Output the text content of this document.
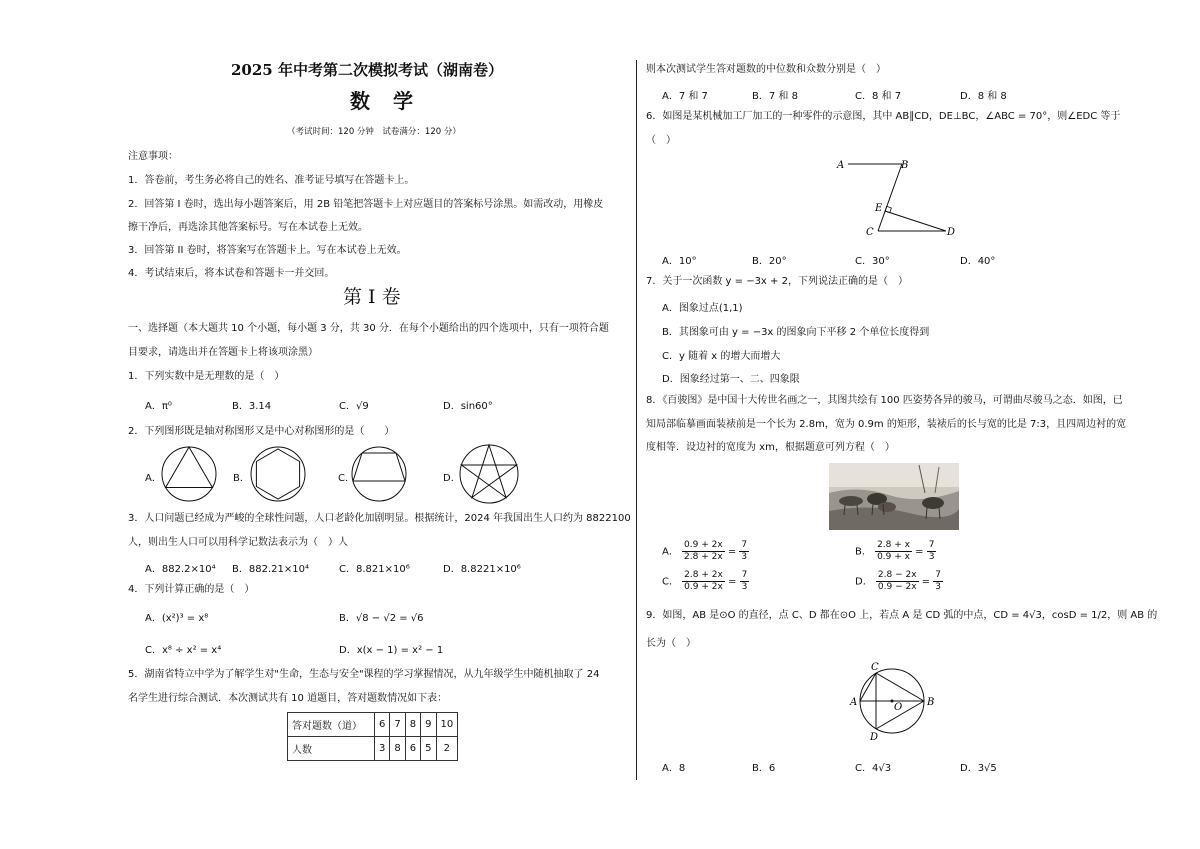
2025 年中考第二次模拟考试（湖南卷）
数 学
（考试时间：120 分钟　试卷满分：120 分）
注意事项：
1．答卷前，考生务必将自己的姓名、准考证号填写在答题卡上。
2．回答第 I 卷时，选出每小题答案后，用 2B 铅笔把答题卡上对应题目的答案标号涂黑。如需改动，用橡皮
擦干净后，再选涂其他答案标号。写在本试卷上无效。
3．回答第 II 卷时，将答案写在答题卡上。写在本试卷上无效。
4．考试结束后，将本试卷和答题卡一并交回。
第 I 卷
一、选择题（本大题共 10 个小题，每小题 3 分，共 30 分．在每个小题给出的四个选项中，只有一项符合题
目要求，请选出并在答题卡上将该项涂黑）
1．下列实数中是无理数的是（　）
A．π⁰	B．3.14	C．√9	D．sin60°
2．下列图形既是轴对称图形又是中心对称图形的是（　　）
A．	B．	C．	D．
3．人口问题已经成为严峻的全球性问题，人口老龄化加剧明显。根据统计，2024 年我国出生人口约为 8822100
人，则出生人口可以用科学记数法表示为（　）人
A．882.2×10⁴ B．882.21×10⁴	C．8.821×10⁶	D．8.8221×10⁶
4．下列计算正确的是（　）
A．(x²)³ = x⁸	B．√8 − √2 = √6
C．x⁸ ÷ x² = x⁴	D．x(x − 1) = x² − 1
5．湖南省特立中学为了解学生对"生命，生态与安全"课程的学习掌握情况，从九年级学生中随机抽取了 24
名学生进行综合测试．本次测试共有 10 道题目，答对题数情况如下表：
答对题数（道）	6	7	8	9	10
人数	3	8	6	5	2
则本次测试学生答对题数的中位数和众数分别是（　）
A．7 和 7	B．7 和 8	C．8 和 7	D．8 和 8
6．如图是某机械加工厂加工的一种零件的示意图，其中 AB∥CD，DE⊥BC，∠ABC = 70°，则∠EDC 等于
（　）
A	B
E
C	D
A．10°	B．20°	C．30°	D．40°
7．关于一次函数 y = −3x + 2，下列说法正确的是（　）
A．图象过点(1,1)
B．其图象可由 y = −3x 的图象向下平移 2 个单位长度得到
C．y 随着 x 的增大而增大
D．图象经过第一、二、四象限
8．《百骏图》是中国十大传世名画之一，其图共绘有 100 匹姿势各异的骏马，可谓曲尽骏马之态．如图，已
知局部临摹画面装裱前是一个长为 2.8m，宽为 0.9m 的矩形，装裱后的长与宽的比是 7:3，且四周边衬的宽
度相等．设边衬的宽度为 xm，根据题意可列方程（　）
A． $\frac{0.9 + 2x}{2.8 + 2x} = \frac{7}{3}$	B． $\frac{2.8 + x}{0.9 + x} = \frac{7}{3}$
C． $\frac{2.8 + 2x}{0.9 + 2x} = \frac{7}{3}$	D． $\frac{2.8 - 2x}{0.9 - 2x} = \frac{7}{3}$
9．如图，AB 是⊙O 的直径，点 C、D 都在⊙O 上，若点 A 是 CD 弧的中点，CD = 4√3，cosD = 1/2，则 AB 的
长为（　）
C
A	O B
D
A．8	B．6	C．4√3	D．3√5
